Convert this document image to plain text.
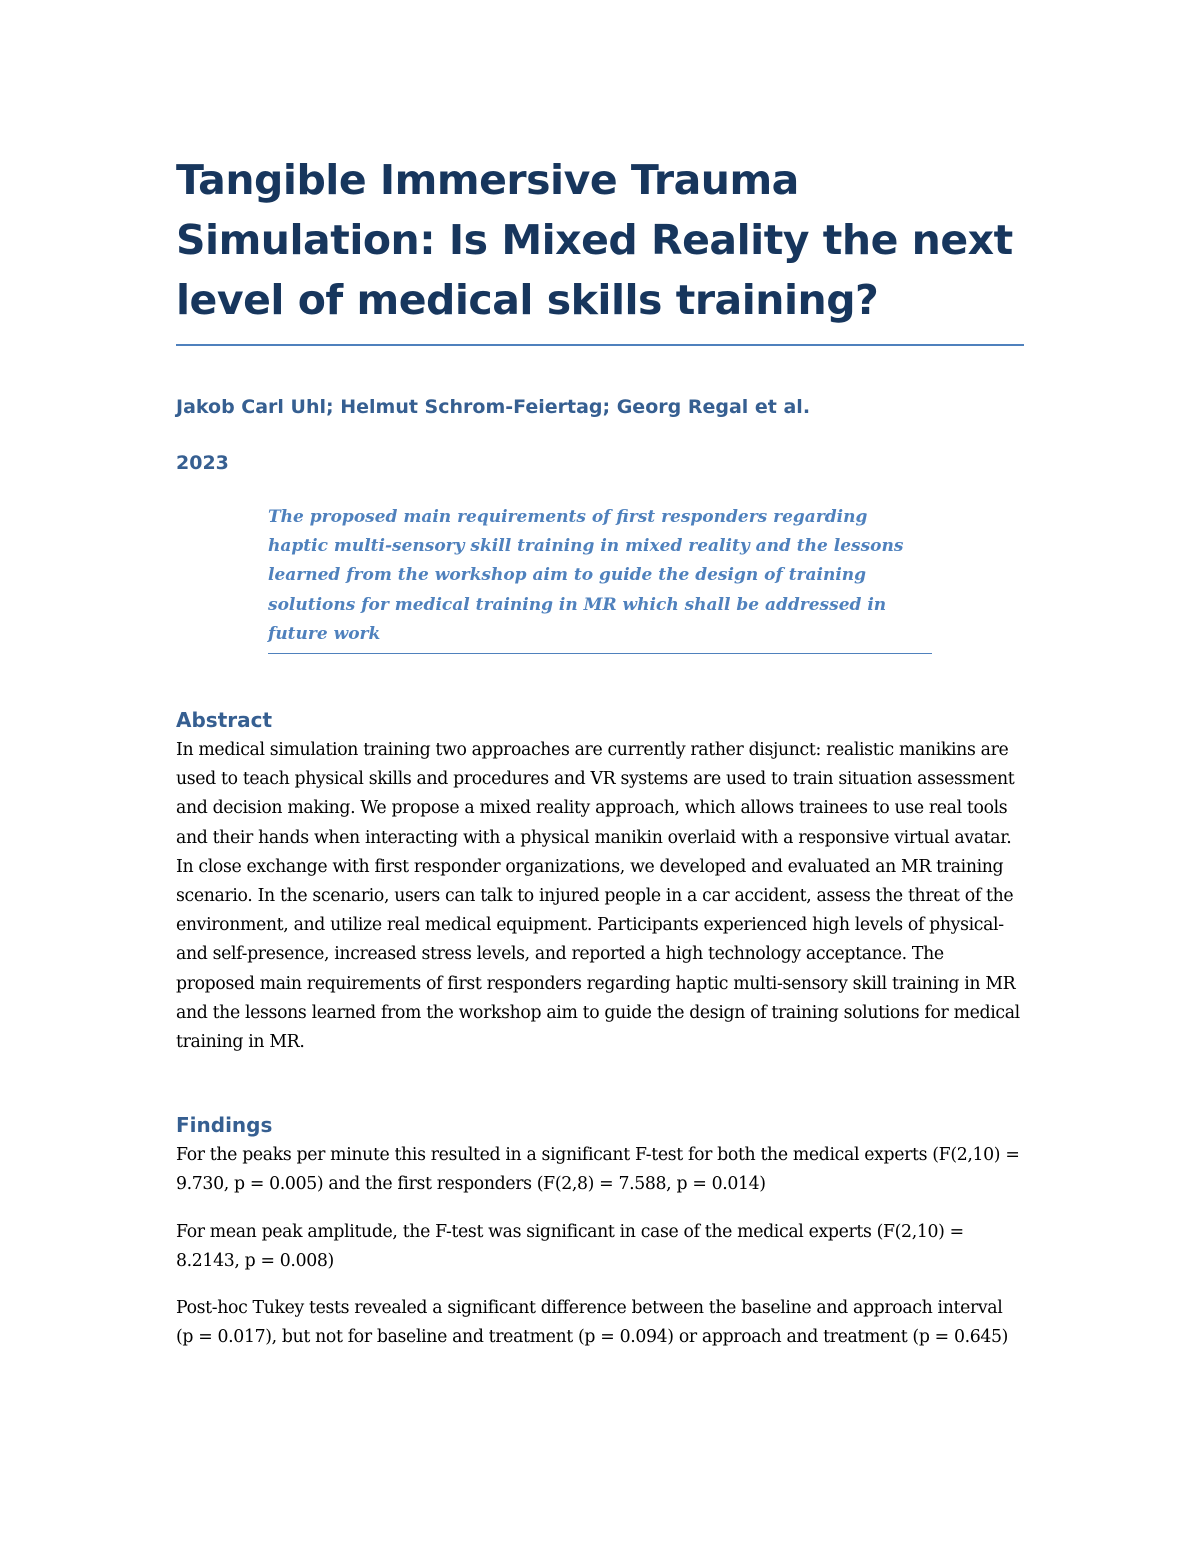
Tangible Immersive Trauma Simulation: Is Mixed Reality the next level of medical skills training?

Jakob Carl Uhl; Helmut Schrom-Feiertag; Georg Regal et al.

2023

The proposed main requirements of first responders regarding haptic multi-sensory skill training in mixed reality and the lessons learned from the workshop aim to guide the design of training solutions for medical training in MR which shall be addressed in future work
Abstract

In medical simulation training two approaches are currently rather disjunct: realistic manikins are used to teach physical skills and procedures and VR systems are used to train situation assessment and decision making. We propose a mixed reality approach, which allows trainees to use real tools and their hands when interacting with a physical manikin overlaid with a responsive virtual avatar. In close exchange with first responder organizations, we developed and evaluated an MR training scenario. In the scenario, users can talk to injured people in a car accident, assess the threat of the environment, and utilize real medical equipment. Participants experienced high levels of physical- and self-presence, increased stress levels, and reported a high technology acceptance. The proposed main requirements of first responders regarding haptic multi-sensory skill training in MR and the lessons learned from the workshop aim to guide the design of training solutions for medical training in MR.

Findings

For the peaks per minute this resulted in a significant F-test for both the medical experts (F(2,10) = 9.730, p = 0.005) and the first responders (F(2,8) = 7.588, p = 0.014)

For mean peak amplitude, the F-test was significant in case of the medical experts (F(2,10) = 8.2143, p = 0.008)

Post-hoc Tukey tests revealed a significant difference between the baseline and approach interval (p = 0.017), but not for baseline and treatment (p = 0.094) or approach and treatment (p = 0.645)
